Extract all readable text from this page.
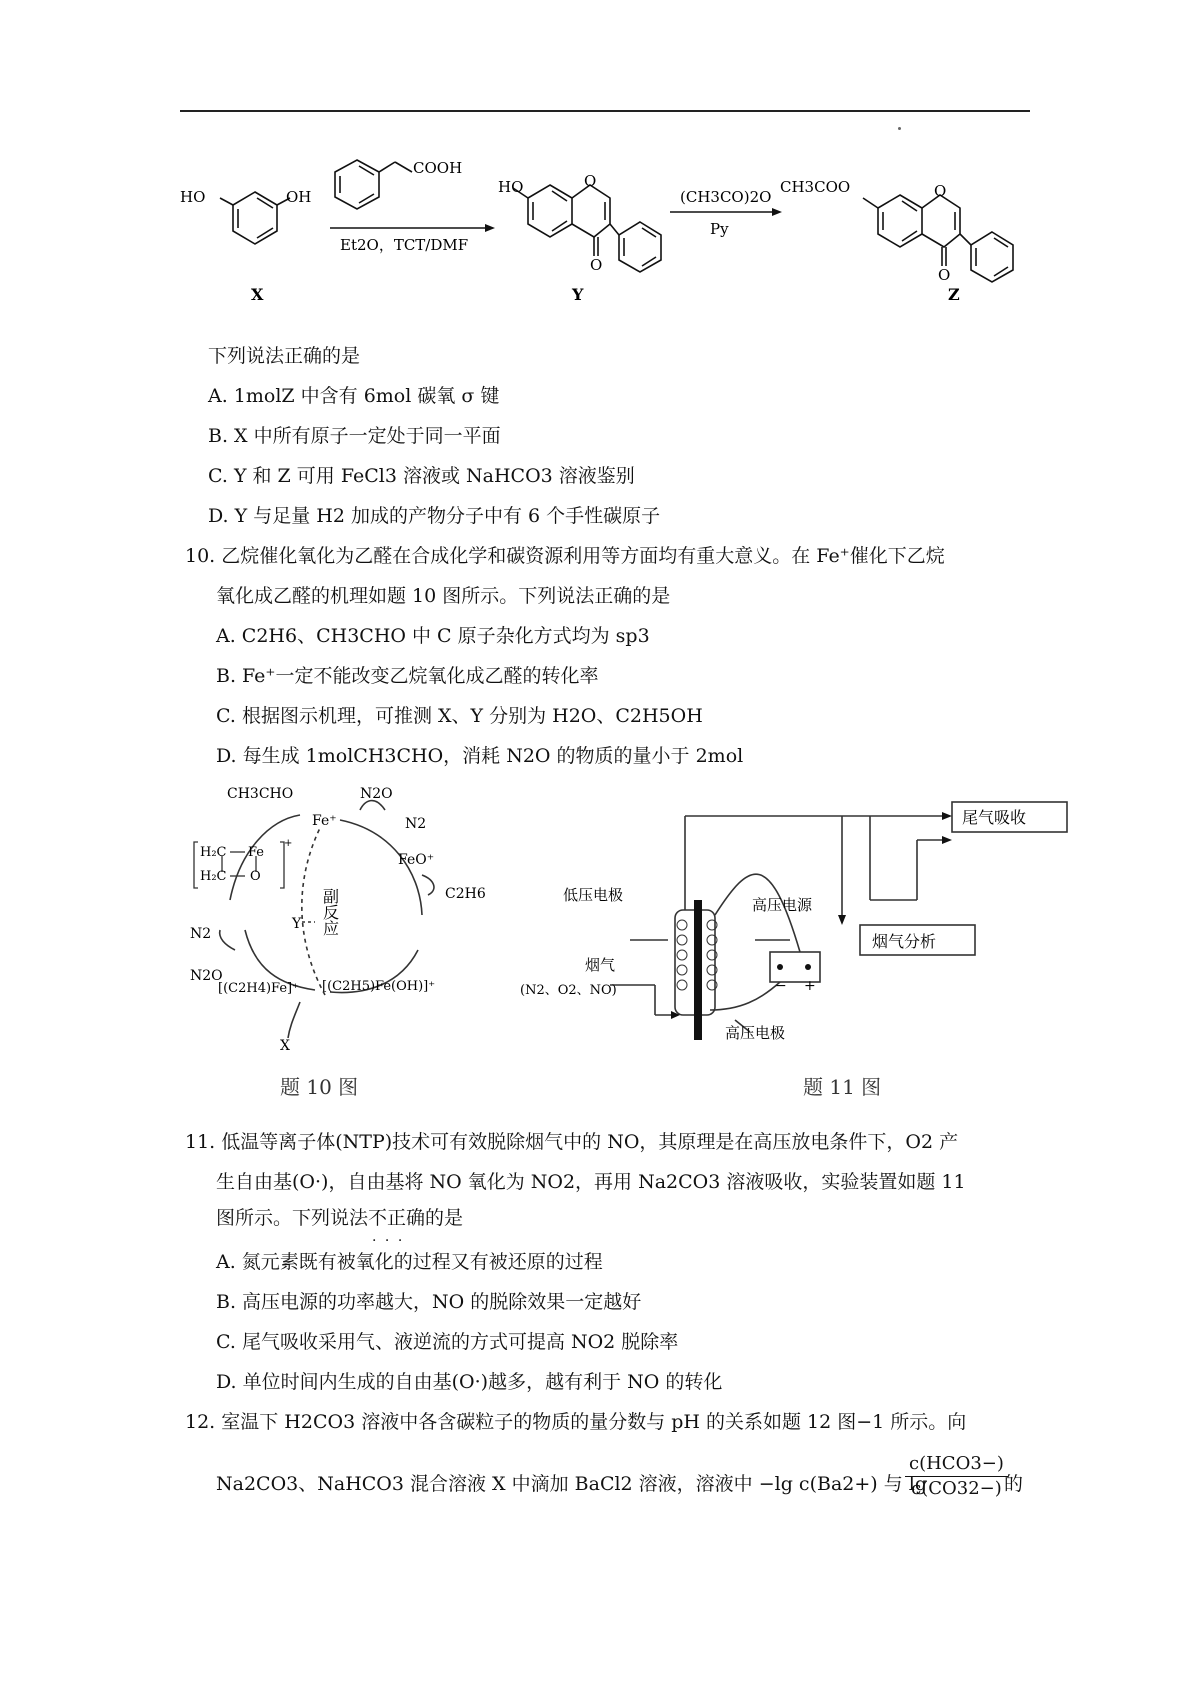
HO	OH
COOH
Et2O，TCT/DMF
HO	O
O
(CH3CO)2O
Py
CH3COO	O
O
X	Y	Z
下列说法正确的是
A. 1molZ 中含有 6mol 碳氧 σ 键
B. X 中所有原子一定处于同一平面
C. Y 和 Z 可用 FeCl3 溶液或 NaHCO3 溶液鉴别
D. Y 与足量 H2 加成的产物分子中有 6 个手性碳原子
10. 乙烷催化氧化为乙醛在合成化学和碳资源利用等方面均有重大意义。在 Fe⁺催化下乙烷
氧化成乙醛的机理如题 10 图所示。下列说法正确的是
A. C2H6、CH3CHO 中 C 原子杂化方式均为 sp3
B. Fe⁺一定不能改变乙烷氧化成乙醛的转化率
C. 根据图示机理，可推测 X、Y 分别为 H2O、C2H5OH
D. 每生成 1molCH3CHO，消耗 N2O 的物质的量小于 2mol
CH3CHO
Fe⁺
N2O
N2
FeO⁺
C2H6
副反应
Y
H₂C Fe
H₂C O
+
N2
N2O
[(C2H4)Fe]⁺ [(C2H5)Fe(OH)]⁺
X
题 10 图
尾气吸收
烟气分析
低压电极
高压电源
− +
烟气
(N2、O2、NO)
高压电极
题 11 图
11. 低温等离子体(NTP)技术可有效脱除烟气中的 NO，其原理是在高压放电条件下，O2 产
生自由基(O·)，自由基将 NO 氧化为 NO2，再用 Na2CO3 溶液吸收，实验装置如题 11
图所示。下列说法不正确 · · ·的是
A. 氮元素既有被氧化的过程又有被还原的过程
B. 高压电源的功率越大，NO 的脱除效果一定越好
C. 尾气吸收采用气、液逆流的方式可提高 NO2 脱除率
D. 单位时间内生成的自由基(O·)越多，越有利于 NO 的转化
12. 室温下 H2CO3 溶液中各含碳粒子的物质的量分数与 pH 的关系如题 12 图−1 所示。向
Na2CO3、NaHCO3 混合溶液 X 中滴加 BaCl2 溶液，溶液中 −lg c(Ba2+) 与 lg
c(HCO3−)
c(CO32−) 的
